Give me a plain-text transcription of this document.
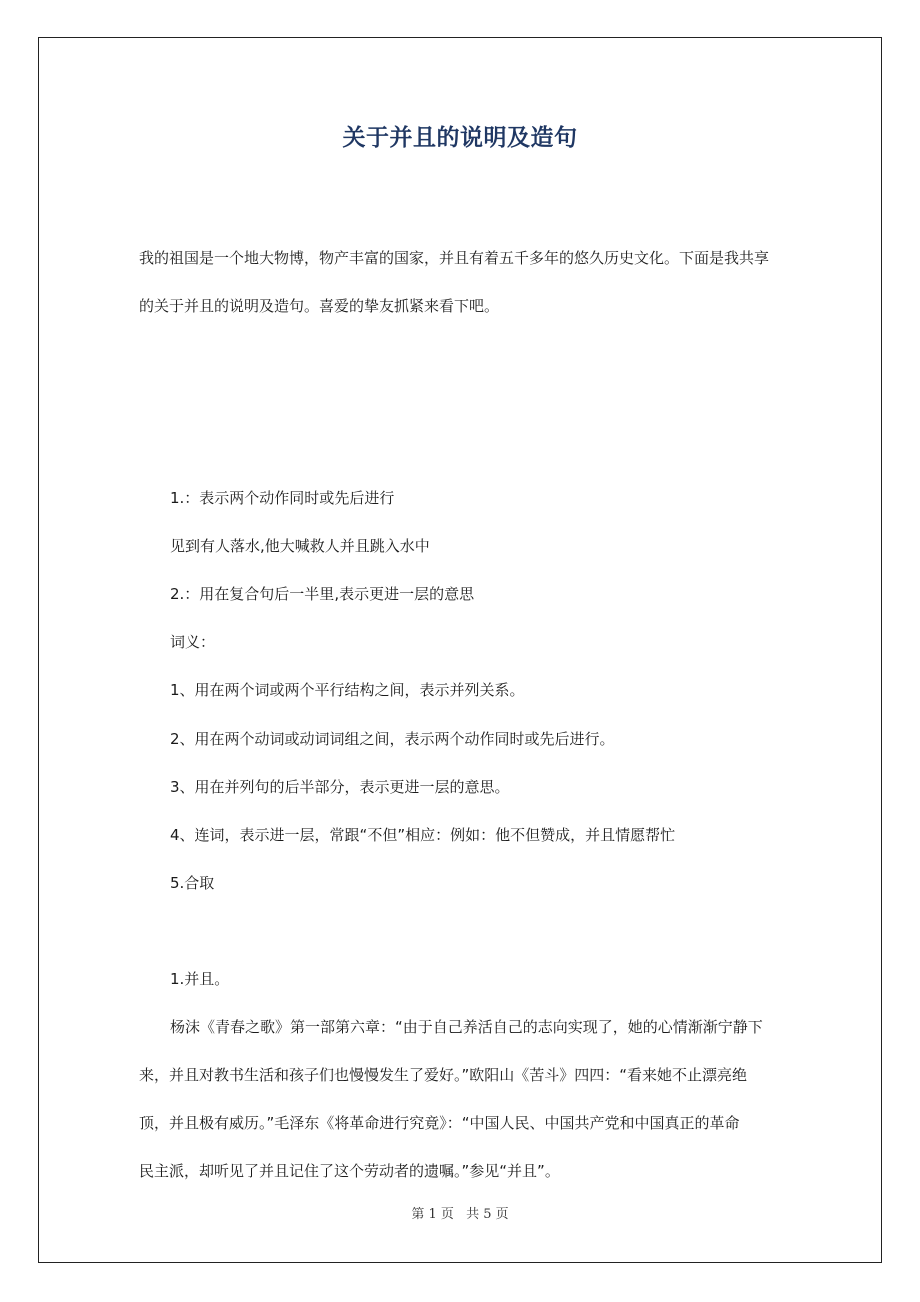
关于并且的说明及造句
我的祖国是一个地大物博，物产丰富的国家，并且有着五千多年的悠久历史文化。下面是我共享
的关于并且的说明及造句。喜爱的挚友抓紧来看下吧。
1.：表示两个动作同时或先后进行
见到有人落水,他大喊救人并且跳入水中
2.：用在复合句后一半里,表示更进一层的意思
词义：
1、用在两个词或两个平行结构之间，表示并列关系。
2、用在两个动词或动词词组之间，表示两个动作同时或先后进行。
3、用在并列句的后半部分，表示更进一层的意思。
4、连词，表示进一层，常跟“不但”相应：例如：他不但赞成，并且情愿帮忙
5.合取
1.并且。
杨沫《青春之歌》第一部第六章：“由于自己养活自己的志向实现了，她的心情渐渐宁静下
来，并且对教书生活和孩子们也慢慢发生了爱好。”欧阳山《苦斗》四四：“看来她不止漂亮绝
顶，并且极有威历。”毛泽东《将革命进行究竟》：“中国人民、中国共产党和中国真正的革命
民主派，却听见了并且记住了这个劳动者的遗嘱。”参见“并且”。
第 1 页 共 5 页
